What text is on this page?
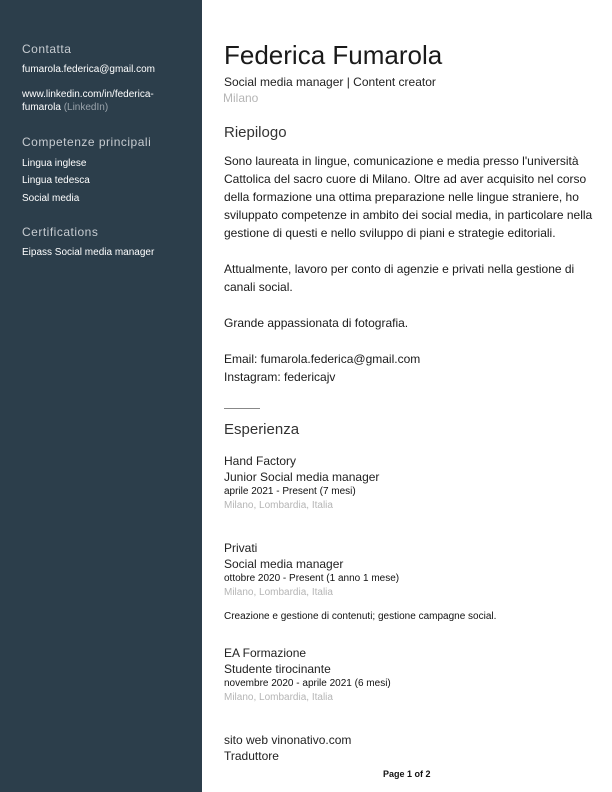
Contatta
fumarola.federica@gmail.com
www.linkedin.com/in/federica-
fumarola (LinkedIn)
Competenze principali
Lingua inglese
Lingua tedesca
Social media
Certifications
Eipass Social media manager
Federica Fumarola
Social media manager | Content creator
Milano
Riepilogo

Sono laureata in lingue, comunicazione e media presso l'università Cattolica del sacro cuore di Milano. Oltre ad aver acquisito nel corso della formazione una ottima preparazione nelle lingue straniere, ho sviluppato competenze in ambito dei social media, in particolare nella gestione di questi e nello sviluppo di piani e strategie editoriali.

Attualmente, lavoro per conto di agenzie e privati nella gestione di canali social.

Grande appassionata di fotografia.

Email: fumarola.federica@gmail.com

Instagram: federicajv

Esperienza
Hand Factory
Junior Social media manager
aprile 2021 - Present (7 mesi)
Milano, Lombardia, Italia
Privati
Social media manager
ottobre 2020 - Present (1 anno 1 mese)
Milano, Lombardia, Italia
Creazione e gestione di contenuti; gestione campagne social.
EA Formazione
Studente tirocinante
novembre 2020 - aprile 2021 (6 mesi)
Milano, Lombardia, Italia
sito web vinonativo.com
Traduttore
Page 1 of 2
